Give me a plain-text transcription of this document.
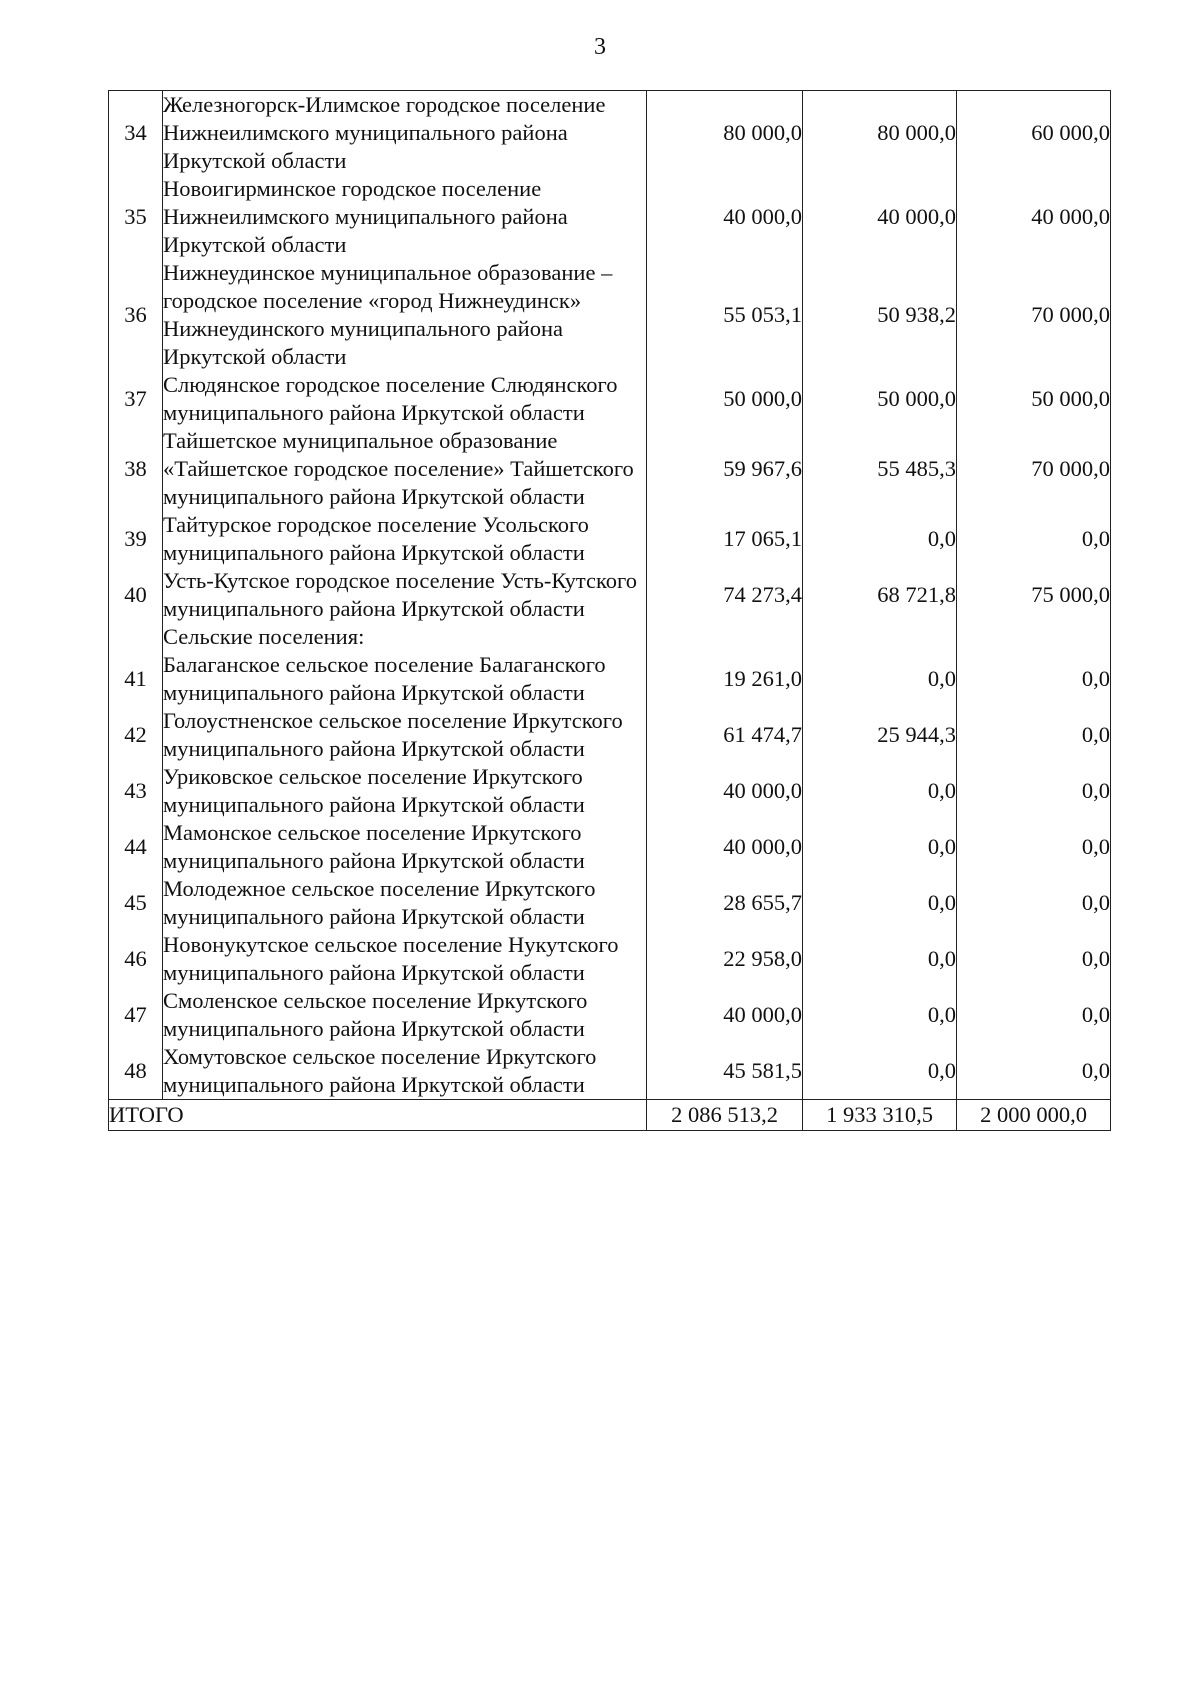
3
34	Железногорск-Илимское городское поселение Нижнеилимского муниципального района Иркутской области	80 000,0	80 000,0	60 000,0
35	Новоигирминское городское поселение Нижнеилимского муниципального района Иркутской области	40 000,0	40 000,0	40 000,0
36	Нижнеудинское муниципальное образование – городское поселение «город Нижнеудинск» Нижнеудинского муниципального района Иркутской области	55 053,1	50 938,2	70 000,0
37	Слюдянское городское поселение Слюдянского муниципального района Иркутской области	50 000,0	50 000,0	50 000,0
38	Тайшетское муниципальное образование «Тайшетское городское поселение» Тайшетского муниципального района Иркутской области	59 967,6	55 485,3	70 000,0
39	Тайтурское городское поселение Усольского муниципального района Иркутской области	17 065,1	0,0	0,0
40	Усть-Кутское городское поселение Усть-Кутского муниципального района Иркутской области	74 273,4	68 721,8	75 000,0
	Сельские поселения:			
41	Балаганское сельское поселение Балаганского муниципального района Иркутской области	19 261,0	0,0	0,0
42	Голоустненское сельское поселение Иркутского муниципального района Иркутской области	61 474,7	25 944,3	0,0
43	Уриковское сельское поселение Иркутского муниципального района Иркутской области	40 000,0	0,0	0,0
44	Мамонское сельское поселение Иркутского муниципального района Иркутской области	40 000,0	0,0	0,0
45	Молодежное сельское поселение Иркутского муниципального района Иркутской области	28 655,7	0,0	0,0
46	Новонукутское сельское поселение Нукутского муниципального района Иркутской области	22 958,0	0,0	0,0
47	Смоленское сельское поселение Иркутского муниципального района Иркутской области	40 000,0	0,0	0,0
48	Хомутовское сельское поселение Иркутского муниципального района Иркутской области	45 581,5	0,0	0,0
ИТОГО		2 086 513,2	1 933 310,5	2 000 000,0
